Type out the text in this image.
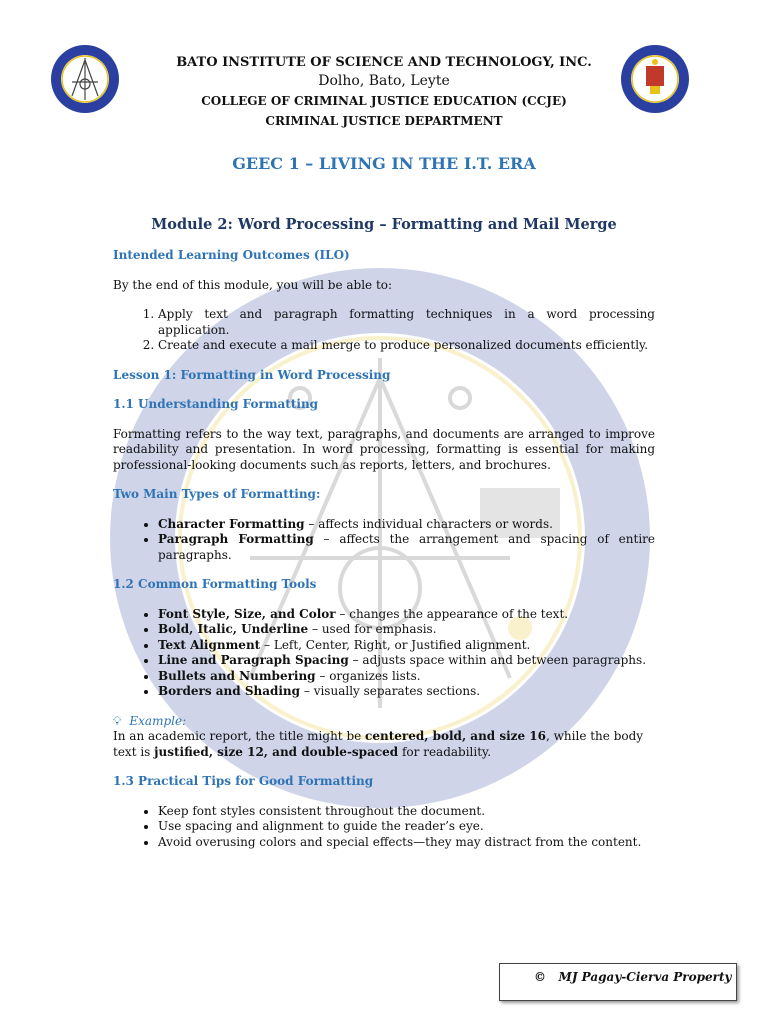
BATO INSTITUTE OF SCIENCE AND TECHNOLOGY, INC.
Dolho, Bato, Leyte
COLLEGE OF CRIMINAL JUSTICE EDUCATION (CCJE)
CRIMINAL JUSTICE DEPARTMENT
GEEC 1 – LIVING IN THE I.T. ERA
Module 2: Word Processing – Formatting and Mail Merge

Intended Learning Outcomes (ILO)

By the end of this module, you will be able to:

1. Apply text and paragraph formatting techniques in a word processing application.
2. Create and execute a mail merge to produce personalized documents efficiently.

Lesson 1: Formatting in Word Processing

1.1 Understanding Formatting

Formatting refers to the way text, paragraphs, and documents are arranged to improve readability and presentation. In word processing, formatting is essential for making professional-looking documents such as reports, letters, and brochures.

Two Main Types of Formatting:

• Character Formatting – affects individual characters or words.
• Paragraph Formatting – affects the arrangement and spacing of entire paragraphs.

1.2 Common Formatting Tools

• Font Style, Size, and Color – changes the appearance of the text.
• Bold, Italic, Underline – used for emphasis.
• Text Alignment – Left, Center, Right, or Justified alignment.
• Line and Paragraph Spacing – adjusts space within and between paragraphs.
• Bullets and Numbering – organizes lists.
• Borders and Shading – visually separates sections.

💡︎ Example:

In an academic report, the title might be centered, bold, and size 16, while the body text is justified, size 12, and double-spaced for readability.

1.3 Practical Tips for Good Formatting

• Keep font styles consistent throughout the document.
• Use spacing and alignment to guide the reader’s eye.
• Avoid overusing colors and special effects—they may distract from the content.
© MJ Pagay-Cierva Property
